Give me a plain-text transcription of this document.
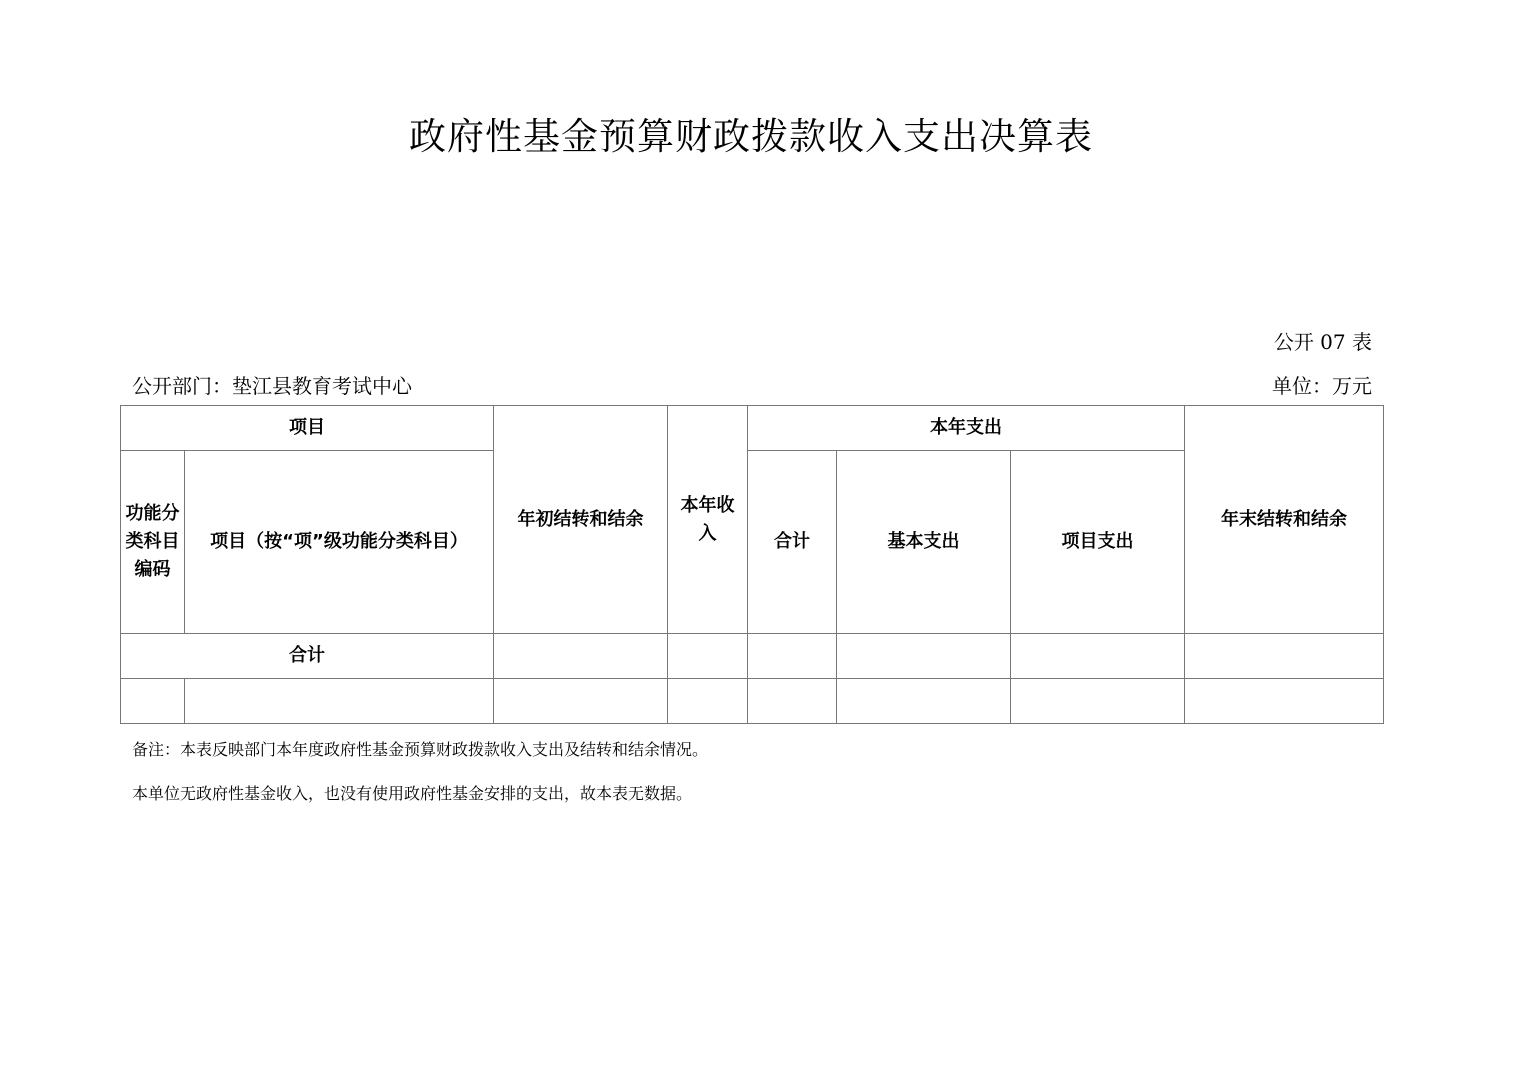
政府性基金预算财政拨款收入支出决算表
公开 07 表
公开部门：垫江县教育考试中心	单位：万元
项目		年初结转和结余	本年收入	本年支出			年末结转和结余
功能分类科目编码	项目（按“项”级功能分类科目）			合计	基本支出	项目支出	
合计							

备注：本表反映部门本年度政府性基金预算财政拨款收入支出及结转和结余情况。
本单位无政府性基金收入，也没有使用政府性基金安排的支出，故本表无数据。
